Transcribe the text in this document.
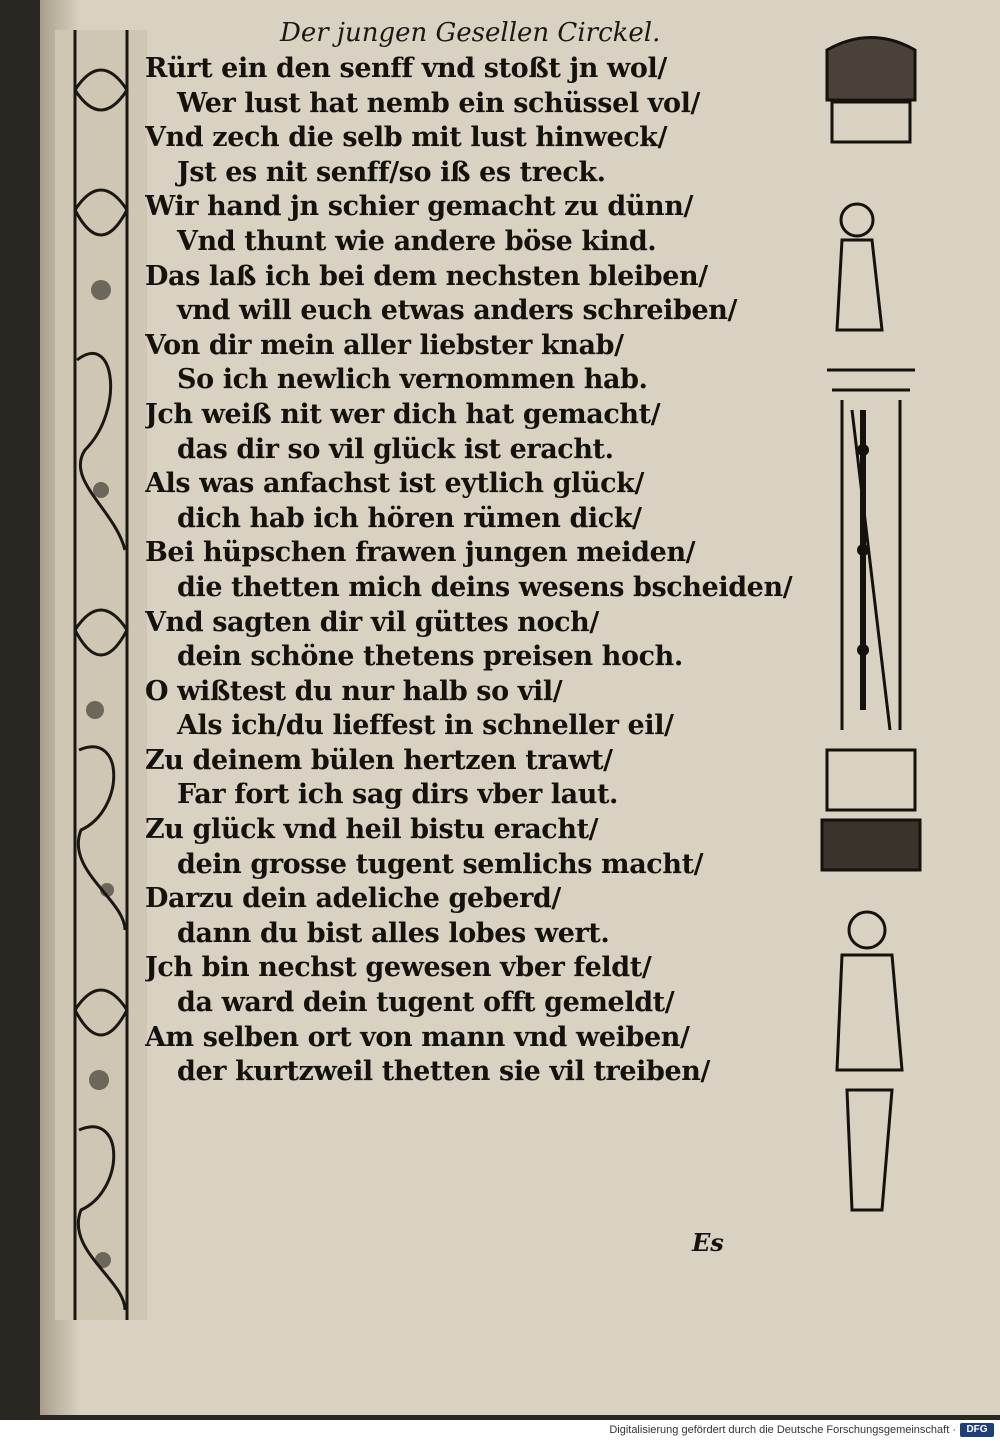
Der jungen Gesellen Circkel.
Rürt ein den senff vnd stoßt jn wol/
Wer lust hat nemb ein schüssel vol/
Vnd zech die selb mit lust hinweck/
Jst es nit senff/so iß es treck.
Wir hand jn schier gemacht zu dünn/
Vnd thunt wie andere böse kind.
Das laß ich bei dem nechsten bleiben/
vnd will euch etwas anders schreiben/
Von dir mein aller liebster knab/
So ich newlich vernommen hab.
Jch weiß nit wer dich hat gemacht/
das dir so vil glück ist eracht.
Als was anfachst ist eytlich glück/
dich hab ich hören rümen dick/
Bei hüpschen frawen jungen meiden/
die thetten mich deins wesens bscheiden/
Vnd sagten dir vil güttes noch/
dein schöne thetens preisen hoch.
O wißtest du nur halb so vil/
Als ich/du lieffest in schneller eil/
Zu deinem bülen hertzen trawt/
Far fort ich sag dirs vber laut.
Zu glück vnd heil bistu eracht/
dein grosse tugent semlichs macht/
Darzu dein adeliche geberd/
dann du bist alles lobes wert.
Jch bin nechst gewesen vber feldt/
da ward dein tugent offt gemeldt/
Am selben ort von mann vnd weiben/
der kurtzweil thetten sie vil treiben/
Es
Digitalisierung gefördert durch die Deutsche Forschungsgemeinschaft ·	DFG
